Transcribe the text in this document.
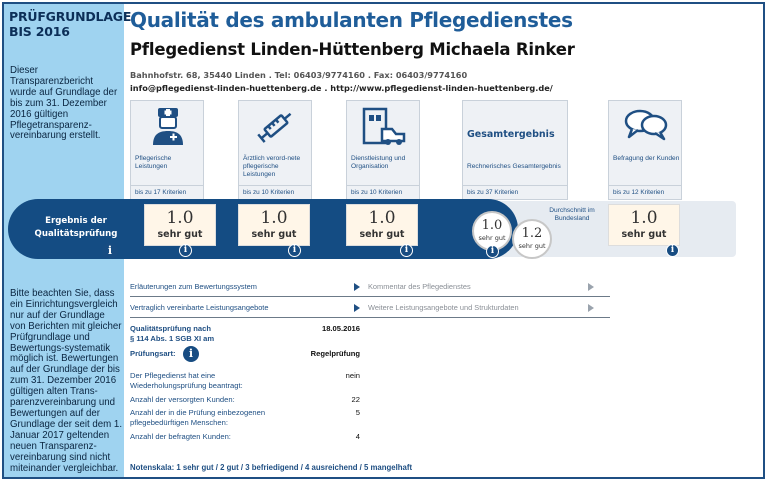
PRÜFGRUNDLAGE
BIS 2016
Dieser Transparenzbericht wurde auf Grundlage der bis zum 31. Dezember 2016 gültigen Pflegetransparenz-vereinbarung erstellt.
Bitte beachten Sie, dass ein Einrichtungsvergleich nur auf der Grundlage von Berichten mit gleicher Prüfgrundlage und Bewertungs-systematik möglich ist. Bewertungen auf der Grundlage der bis zum 31. Dezember 2016 gültigen alten Trans-parenzvereinbarung und Bewertungen auf der Grundlage der seit dem 1. Januar 2017 geltenden neuen Transparenz-vereinbarung sind nicht miteinander vergleichbar.
Qualität des ambulanten Pflegedienstes
Pflegedienst Linden-Hüttenberg Michaela Rinker
Bahnhofstr. 68, 35440 Linden . Tel: 06403/9774160 . Fax: 06403/9774160
info@pflegedienst-linden-huettenberg.de . http://www.pflegedienst-linden-huettenberg.de/
Pflegerische Leistungen
bis zu 17 Kriterien
Ärztlich verord-nete pflegerische Leistungen
bis zu 10 Kriterien
Dienstleistung und Organisation
bis zu 10 Kriterien
Gesamtergebnis
Rechnerisches Gesamtergebnis
bis zu 37 Kriterien
Befragung der Kunden
bis zu 12 Kriterien
Ergebnis der Qualitätsprüfung
1.0
sehr gut
1.0
sehr gut
1.0
sehr gut
1.0
sehr gut	1.2
sehr gut
Durchschnitt im Bundesland	1.0
sehr gut
i	i	i	i	i	i
Erläuterungen zum Bewertungssystem	Kommentar des Pflegedienstes
Vertraglich vereinbarte Leistungsangebote	Weitere Leistungsangebote und Strukturdaten
Qualitätsprüfung nach
§ 114 Abs. 1 SGB XI am
18.05.2016
Prüfungsart:	i	Regelprüfung
Der Pflegedienst hat eine
Wiederholungsprüfung beantragt:
nein
Anzahl der versorgten Kunden:	22
Anzahl der in die Prüfung einbezogenen
pflegebedürftigen Menschen:
5
Anzahl der befragten Kunden:	4
Notenskala: 1 sehr gut / 2 gut / 3 befriedigend / 4 ausreichend / 5 mangelhaft
